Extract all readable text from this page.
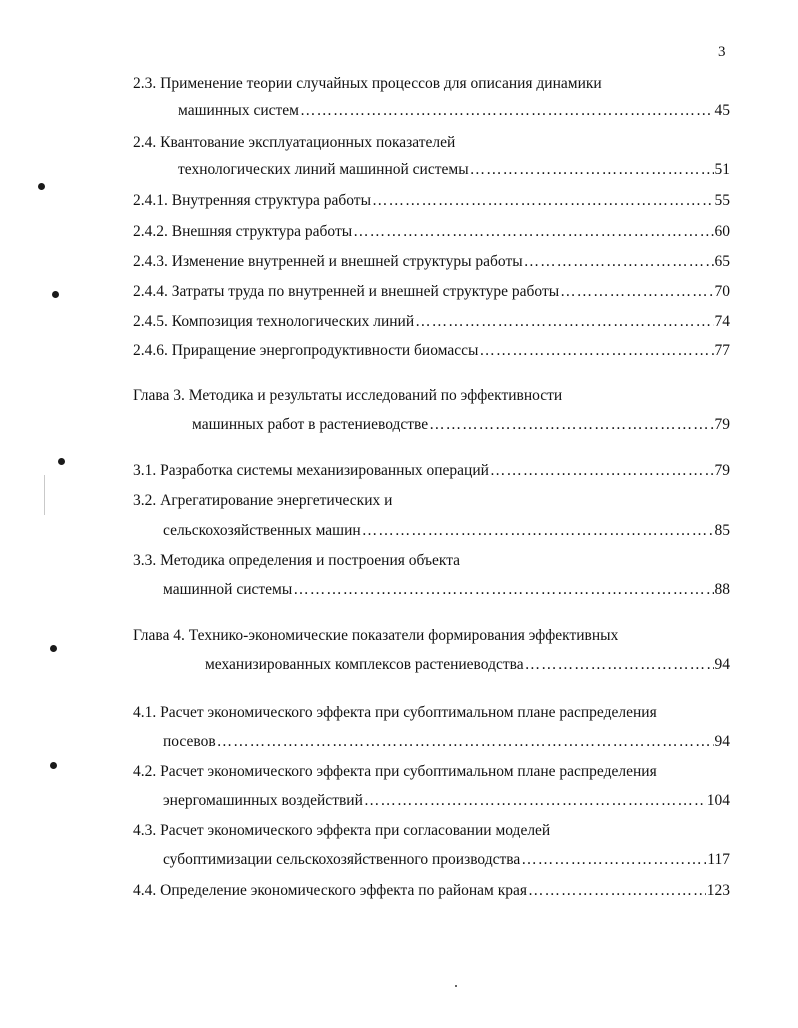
3
2.3. Применение теории случайных процессов для описания динамики
машинных систем ………………………………………………………………………………………………………………………………………………………………………………	45
2.4. Квантование эксплуатационных показателей
технологических линий машинной системы ………………………………………………………………………………………………………………………………………………………………………………	51
2.4.1. Внутренняя структура работы ………………………………………………………………………………………………………………………………………………………………………………	55
2.4.2. Внешняя структура работы ………………………………………………………………………………………………………………………………………………………………………………	60
2.4.3. Изменение внутренней и внешней структуры работы ………………………………………………………………………………………………………………………………………………………………………………	65
2.4.4. Затраты труда по внутренней и внешней структуре работы ………………………………………………………………………………………………………………………………………………………………………………	70
2.4.5. Композиция технологических линий ………………………………………………………………………………………………………………………………………………………………………………	74
2.4.6. Приращение энергопродуктивности биомассы ………………………………………………………………………………………………………………………………………………………………………………	77
Глава 3. Методика и результаты исследований по эффективности
машинных работ в растениеводстве ………………………………………………………………………………………………………………………………………………………………………………	79
3.1. Разработка системы механизированных операций ………………………………………………………………………………………………………………………………………………………………………………	79
3.2. Агрегатирование энергетических и
сельскохозяйственных машин ………………………………………………………………………………………………………………………………………………………………………………	85
3.3. Методика определения и построения объекта
машинной системы ………………………………………………………………………………………………………………………………………………………………………………	88
Глава 4. Технико-экономические показатели формирования эффективных
механизированных комплексов растениеводства ………………………………………………………………………………………………………………………………………………………………………………	94
4.1. Расчет экономического эффекта при субоптимальном плане распределения
посевов ………………………………………………………………………………………………………………………………………………………………………………	94
4.2. Расчет экономического эффекта при субоптимальном плане распределения
энергомашинных воздействий ………………………………………………………………………………………………………………………………………………………………………………	104
4.3. Расчет экономического эффекта при согласовании моделей
субоптимизации сельскохозяйственного производства ………………………………………………………………………………………………………………………………………………………………………………	117
4.4. Определение экономического эффекта по районам края ………………………………………………………………………………………………………………………………………………………………………………	123
